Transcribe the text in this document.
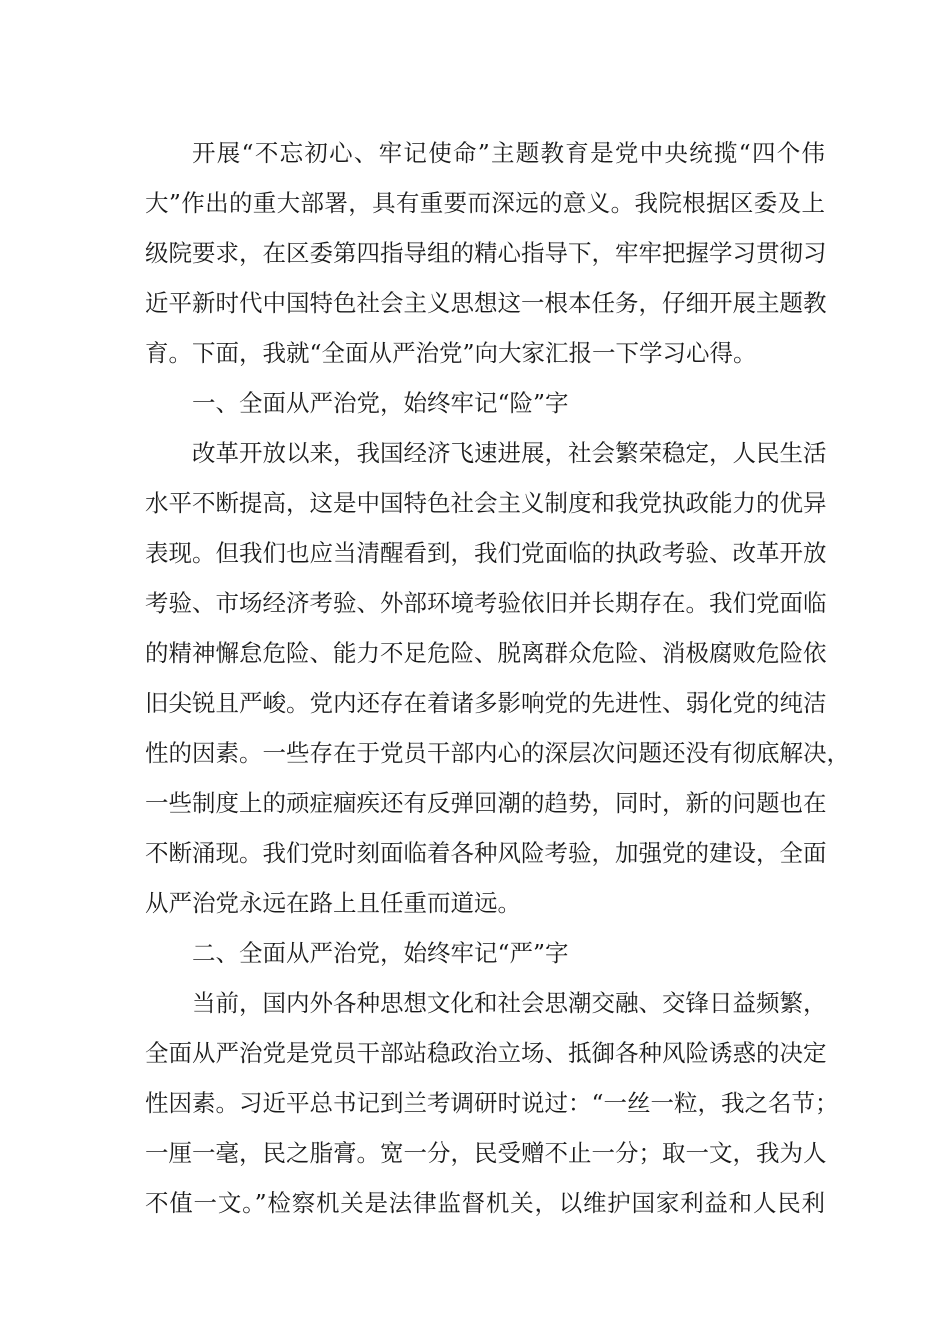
开展“不忘初心、牢记使命”主题教育是党中央统揽“四个伟
大”作出的重大部署，具有重要而深远的意义。我院根据区委及上
级院要求，在区委第四指导组的精心指导下，牢牢把握学习贯彻习
近平新时代中国特色社会主义思想这一根本任务，仔细开展主题教
育。下面，我就“全面从严治党”向大家汇报一下学习心得。
一、全面从严治党，始终牢记“险”字
改革开放以来，我国经济飞速进展，社会繁荣稳定，人民生活
水平不断提高，这是中国特色社会主义制度和我党执政能力的优异
表现。但我们也应当清醒看到，我们党面临的执政考验、改革开放
考验、市场经济考验、外部环境考验依旧并长期存在。我们党面临
的精神懈怠危险、能力不足危险、脱离群众危险、消极腐败危险依
旧尖锐且严峻。党内还存在着诸多影响党的先进性、弱化党的纯洁
性的因素。一些存在于党员干部内心的深层次问题还没有彻底解决，
一些制度上的顽症痼疾还有反弹回潮的趋势，同时，新的问题也在
不断涌现。我们党时刻面临着各种风险考验，加强党的建设，全面
从严治党永远在路上且任重而道远。
二、全面从严治党，始终牢记“严”字
当前，国内外各种思想文化和社会思潮交融、交锋日益频繁，
全面从严治党是党员干部站稳政治立场、抵御各种风险诱惑的决定
性因素。习近平总书记到兰考调研时说过：“一丝一粒，我之名节；
一厘一毫，民之脂膏。宽一分，民受赠不止一分；取一文，我为人
不值一文。”检察机关是法律监督机关，以维护国家利益和人民利
